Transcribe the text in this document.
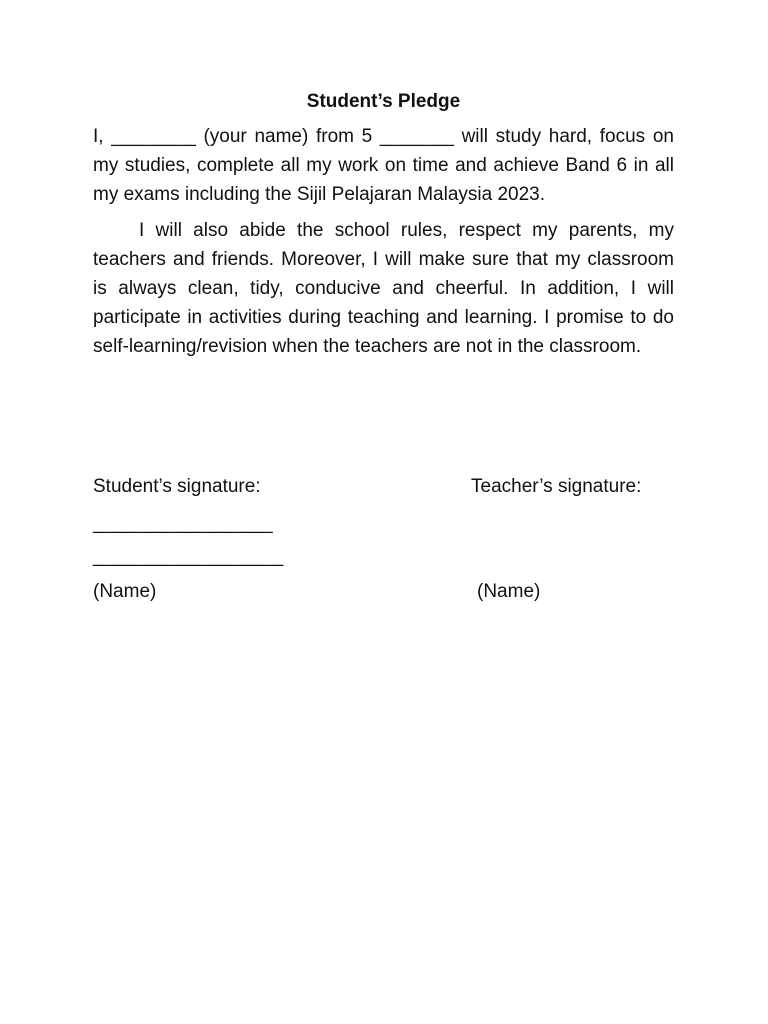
Student’s Pledge

I, ________ (your name) from 5 _______ will study hard, focus on my studies, complete all my work on time and achieve Band 6 in all my exams including the Sijil Pelajaran Malaysia 2023.

I will also abide the school rules, respect my parents, my teachers and friends. Moreover, I will make sure that my classroom is always clean, tidy, conducive and cheerful. In addition, I will participate in activities during teaching and learning. I promise to do self-learning/revision when the teachers are not in the classroom.

Student’s signature:	Teacher’s signature:
_________________
__________________
(Name)	(Name)
